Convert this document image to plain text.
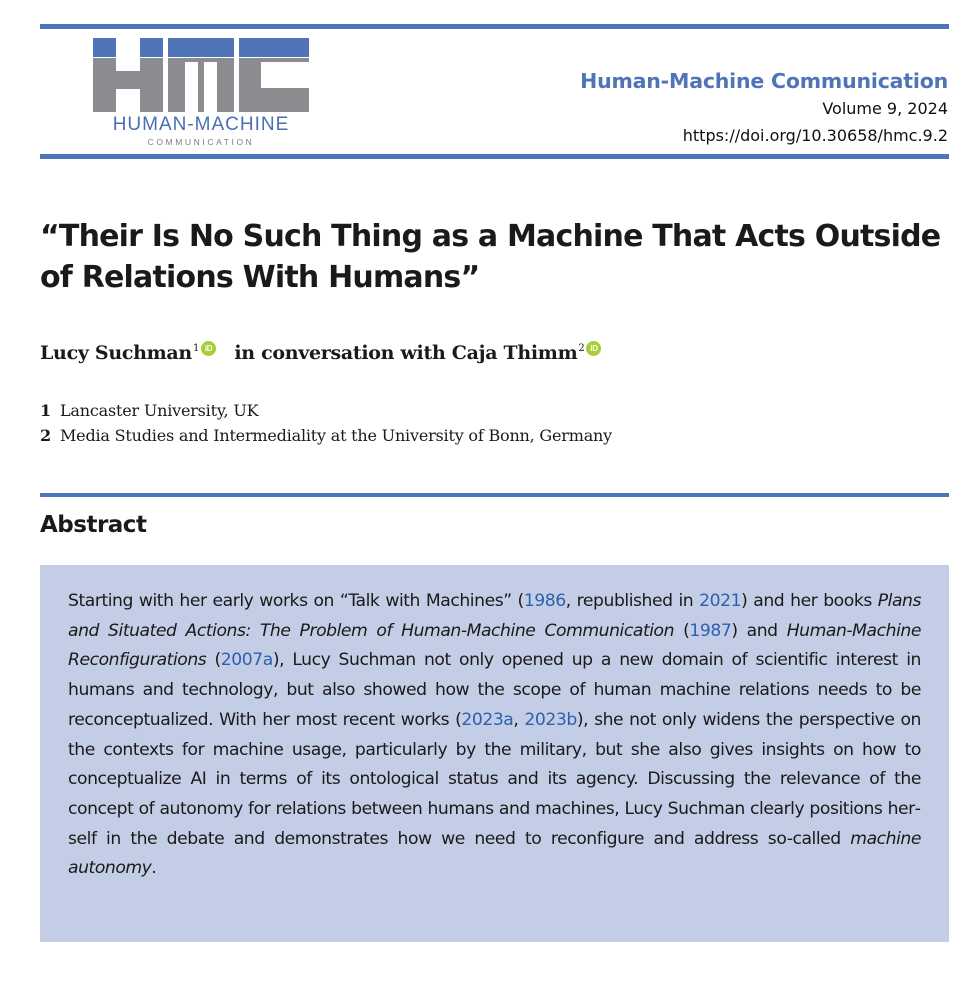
HUMAN-MACHINE
COMMUNICATION
Human-Machine Communication
Volume 9, 2024
https://doi.org/10.30658/hmc.9.2
“Their Is No Such Thing as a Machine That Acts Outside of Relations With Humans”
Lucy Suchman$^1$ iD in conversation with Caja Thimm$^2$ iD
1 Lancaster University, UK
2 Media Studies and Intermediality at the University of Bonn, Germany
Abstract

Starting with her early works on “Talk with Machines” (1986, republished in 2021) and her books Plans and Situated Actions: The Problem of Human-Machine Communication (1987) and Human-Machine Reconfigurations (2007a), Lucy Suchman not only opened up a new domain of scientific interest in humans and technology, but also showed how the scope of human machine relations needs to be reconceptualized. With her most recent works (2023a, 2023b), she not only widens the perspective on the contexts for machine usage, particularly by the military, but she also gives insights on how to conceptualize AI in terms of its ontological status and its agency. Discussing the relevance of the concept of autonomy for relations between humans and machines, Lucy Suchman clearly positions herself in the debate and demonstrates how we need to reconfigure and address so-called machine autonomy.
